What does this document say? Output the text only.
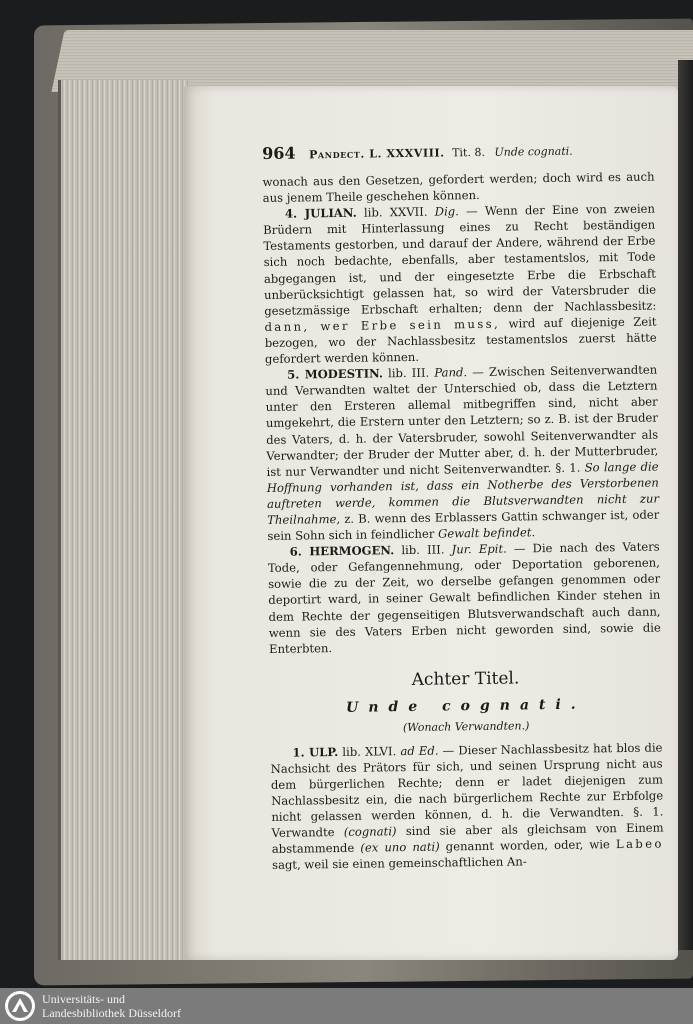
964 Pandect. L. XXXVIII. Tit. 8. Unde cognati.

wonach aus den Gesetzen, gefordert werden; doch wird es auch aus jenem Theile geschehen können.

4. JULIAN. lib. XXVII. Dig. — Wenn der Eine von zweien Brüdern mit Hinterlassung eines zu Recht beständigen Testaments gestorben, und darauf der Andere, während der Erbe sich noch bedachte, ebenfalls, aber testamentslos, mit Tode abgegangen ist, und der eingesetzte Erbe die Erbschaft unberücksichtigt gelassen hat, so wird der Vatersbruder die gesetzmässige Erbschaft erhalten; denn der Nachlassbesitz: dann, wer Erbe sein muss, wird auf diejenige Zeit bezogen, wo der Nachlassbesitz testamentslos zuerst hätte gefordert werden können.

5. MODESTIN. lib. III. Pand. — Zwischen Seitenverwandten und Verwandten waltet der Unterschied ob, dass die Letztern unter den Ersteren allemal mitbegriffen sind, nicht aber umgekehrt, die Erstern unter den Letztern; so z. B. ist der Bruder des Vaters, d. h. der Vatersbruder, sowohl Seitenverwandter als Verwandter; der Bruder der Mutter aber, d. h. der Mutterbruder, ist nur Verwandter und nicht Seitenverwandter. §. 1. So lange die Hoffnung vorhanden ist, dass ein Notherbe des Verstorbenen auftreten werde, kommen die Blutsverwandten nicht zur Theilnahme, z. B. wenn des Erblassers Gattin schwanger ist, oder sein Sohn sich in feindlicher Gewalt befindet.

6. HERMOGEN. lib. III. Jur. Epit. — Die nach des Vaters Tode, oder Gefangennehmung, oder Deportation geborenen, sowie die zu der Zeit, wo derselbe gefangen genommen oder deportirt ward, in seiner Gewalt befindlichen Kinder stehen in dem Rechte der gegenseitigen Blutsverwandschaft auch dann, wenn sie des Vaters Erben nicht geworden sind, sowie die Enterbten.

Achter Titel.
Unde cognati.
(Wonach Verwandten.)

1. ULP. lib. XLVI. ad Ed. — Dieser Nachlassbesitz hat blos die Nachsicht des Prätors für sich, und seinen Ursprung nicht aus dem bürgerlichen Rechte; denn er ladet diejenigen zum Nachlassbesitz ein, die nach bürgerlichem Rechte zur Erbfolge nicht gelassen werden können, d. h. die Verwandten. §. 1. Verwandte (cognati) sind sie aber als gleichsam von Einem abstammende (ex uno nati) genannt worden, oder, wie Labeo sagt, weil sie einen gemeinschaftlichen An-

Universitäts- und
Landesbibliothek Düsseldorf
